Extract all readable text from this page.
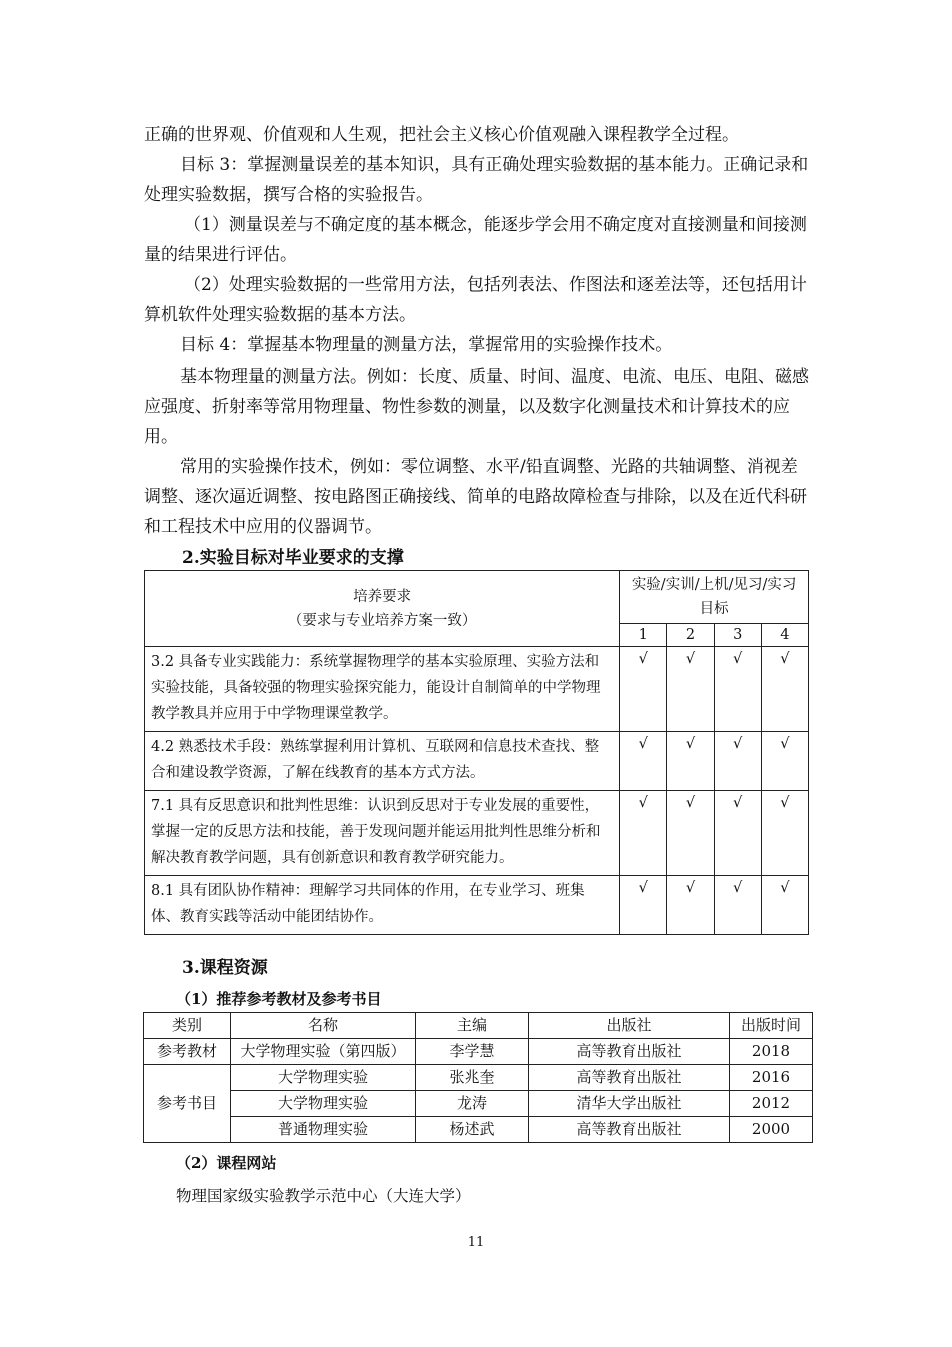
正确的世界观、价值观和人生观，把社会主义核心价值观融入课程教学全过程。

目标 3：掌握测量误差的基本知识，具有正确处理实验数据的基本能力。正确记录和处理实验数据，撰写合格的实验报告。

（1）测量误差与不确定度的基本概念，能逐步学会用不确定度对直接测量和间接测量的结果进行评估。

（2）处理实验数据的一些常用方法，包括列表法、作图法和逐差法等，还包括用计算机软件处理实验数据的基本方法。

目标 4：掌握基本物理量的测量方法，掌握常用的实验操作技术。

基本物理量的测量方法。例如：长度、质量、时间、温度、电流、电压、电阻、磁感应强度、折射率等常用物理量、物性参数的测量，以及数字化测量技术和计算技术的应用。

常用的实验操作技术，例如：零位调整、水平/铅直调整、光路的共轴调整、消视差调整、逐次逼近调整、按电路图正确接线、简单的电路故障检查与排除，以及在近代科研和工程技术中应用的仪器调节。

2.实验目标对毕业要求的支撑
培养要求
（要求与专业培养方案一致）	实验/实训/上机/见习/实习目标			
	1	2	3	4
3.2 具备专业实践能力：系统掌握物理学的基本实验原理、实验方法和实验技能，具备较强的物理实验探究能力，能设计自制简单的中学物理教学教具并应用于中学物理课堂教学。	√	√	√	√
4.2 熟悉技术手段：熟练掌握利用计算机、互联网和信息技术查找、整合和建设教学资源，了解在线教育的基本方式方法。	√	√	√	√
7.1 具有反思意识和批判性思维：认识到反思对于专业发展的重要性，掌握一定的反思方法和技能，善于发现问题并能运用批判性思维分析和解决教育教学问题，具有创新意识和教育教学研究能力。	√	√	√	√
8.1 具有团队协作精神：理解学习共同体的作用，在专业学习、班集体、教育实践等活动中能团结协作。	√	√	√	√
3.课程资源
（1）推荐参考教材及参考书目
类别	名称	主编	出版社	出版时间
参考教材	大学物理实验（第四版）	李学慧	高等教育出版社	2018
参考书目	大学物理实验	张兆奎	高等教育出版社	2016
	大学物理实验	龙涛	清华大学出版社	2012
	普通物理实验	杨述武	高等教育出版社	2000
（2）课程网站
物理国家级实验教学示范中心（大连大学）
11
